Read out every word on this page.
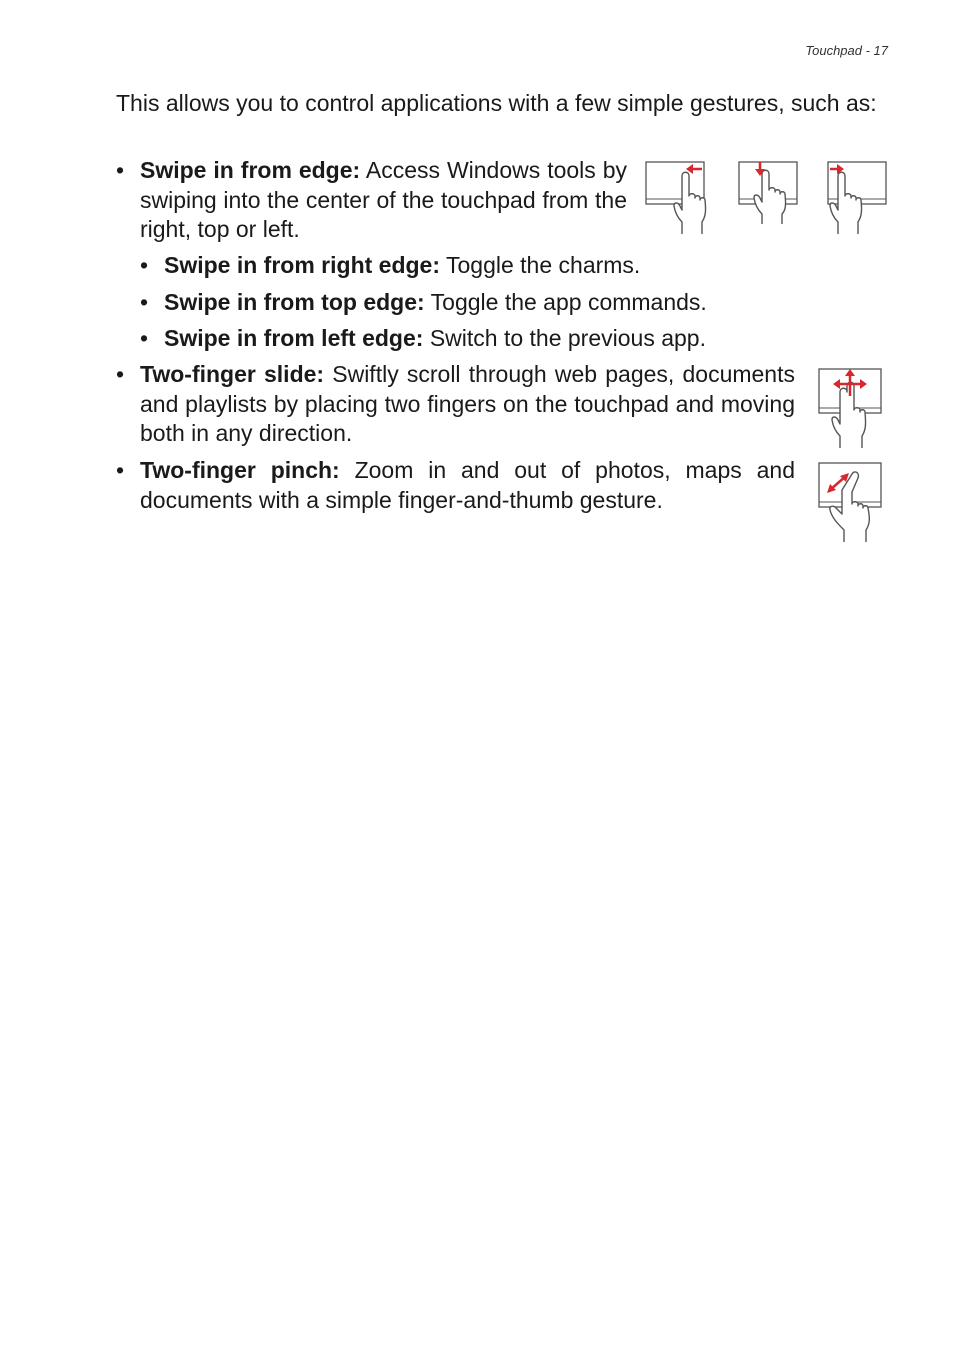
Touchpad - 17

This allows you to control applications with a few simple gestures, such as:

• Swipe in from edge: Access Windows tools by swiping into the center of the touchpad from the right, top or left.
• Swipe in from right edge: Toggle the charms.
• Swipe in from top edge: Toggle the app commands.
• Swipe in from left edge: Switch to the previous app.
• Two-finger slide: Swiftly scroll through web pages, documents and playlists by placing two fingers on the touchpad and moving both in any direction.
• Two-finger pinch: Zoom in and out of photos, maps and documents with a simple finger-and-thumb gesture.
